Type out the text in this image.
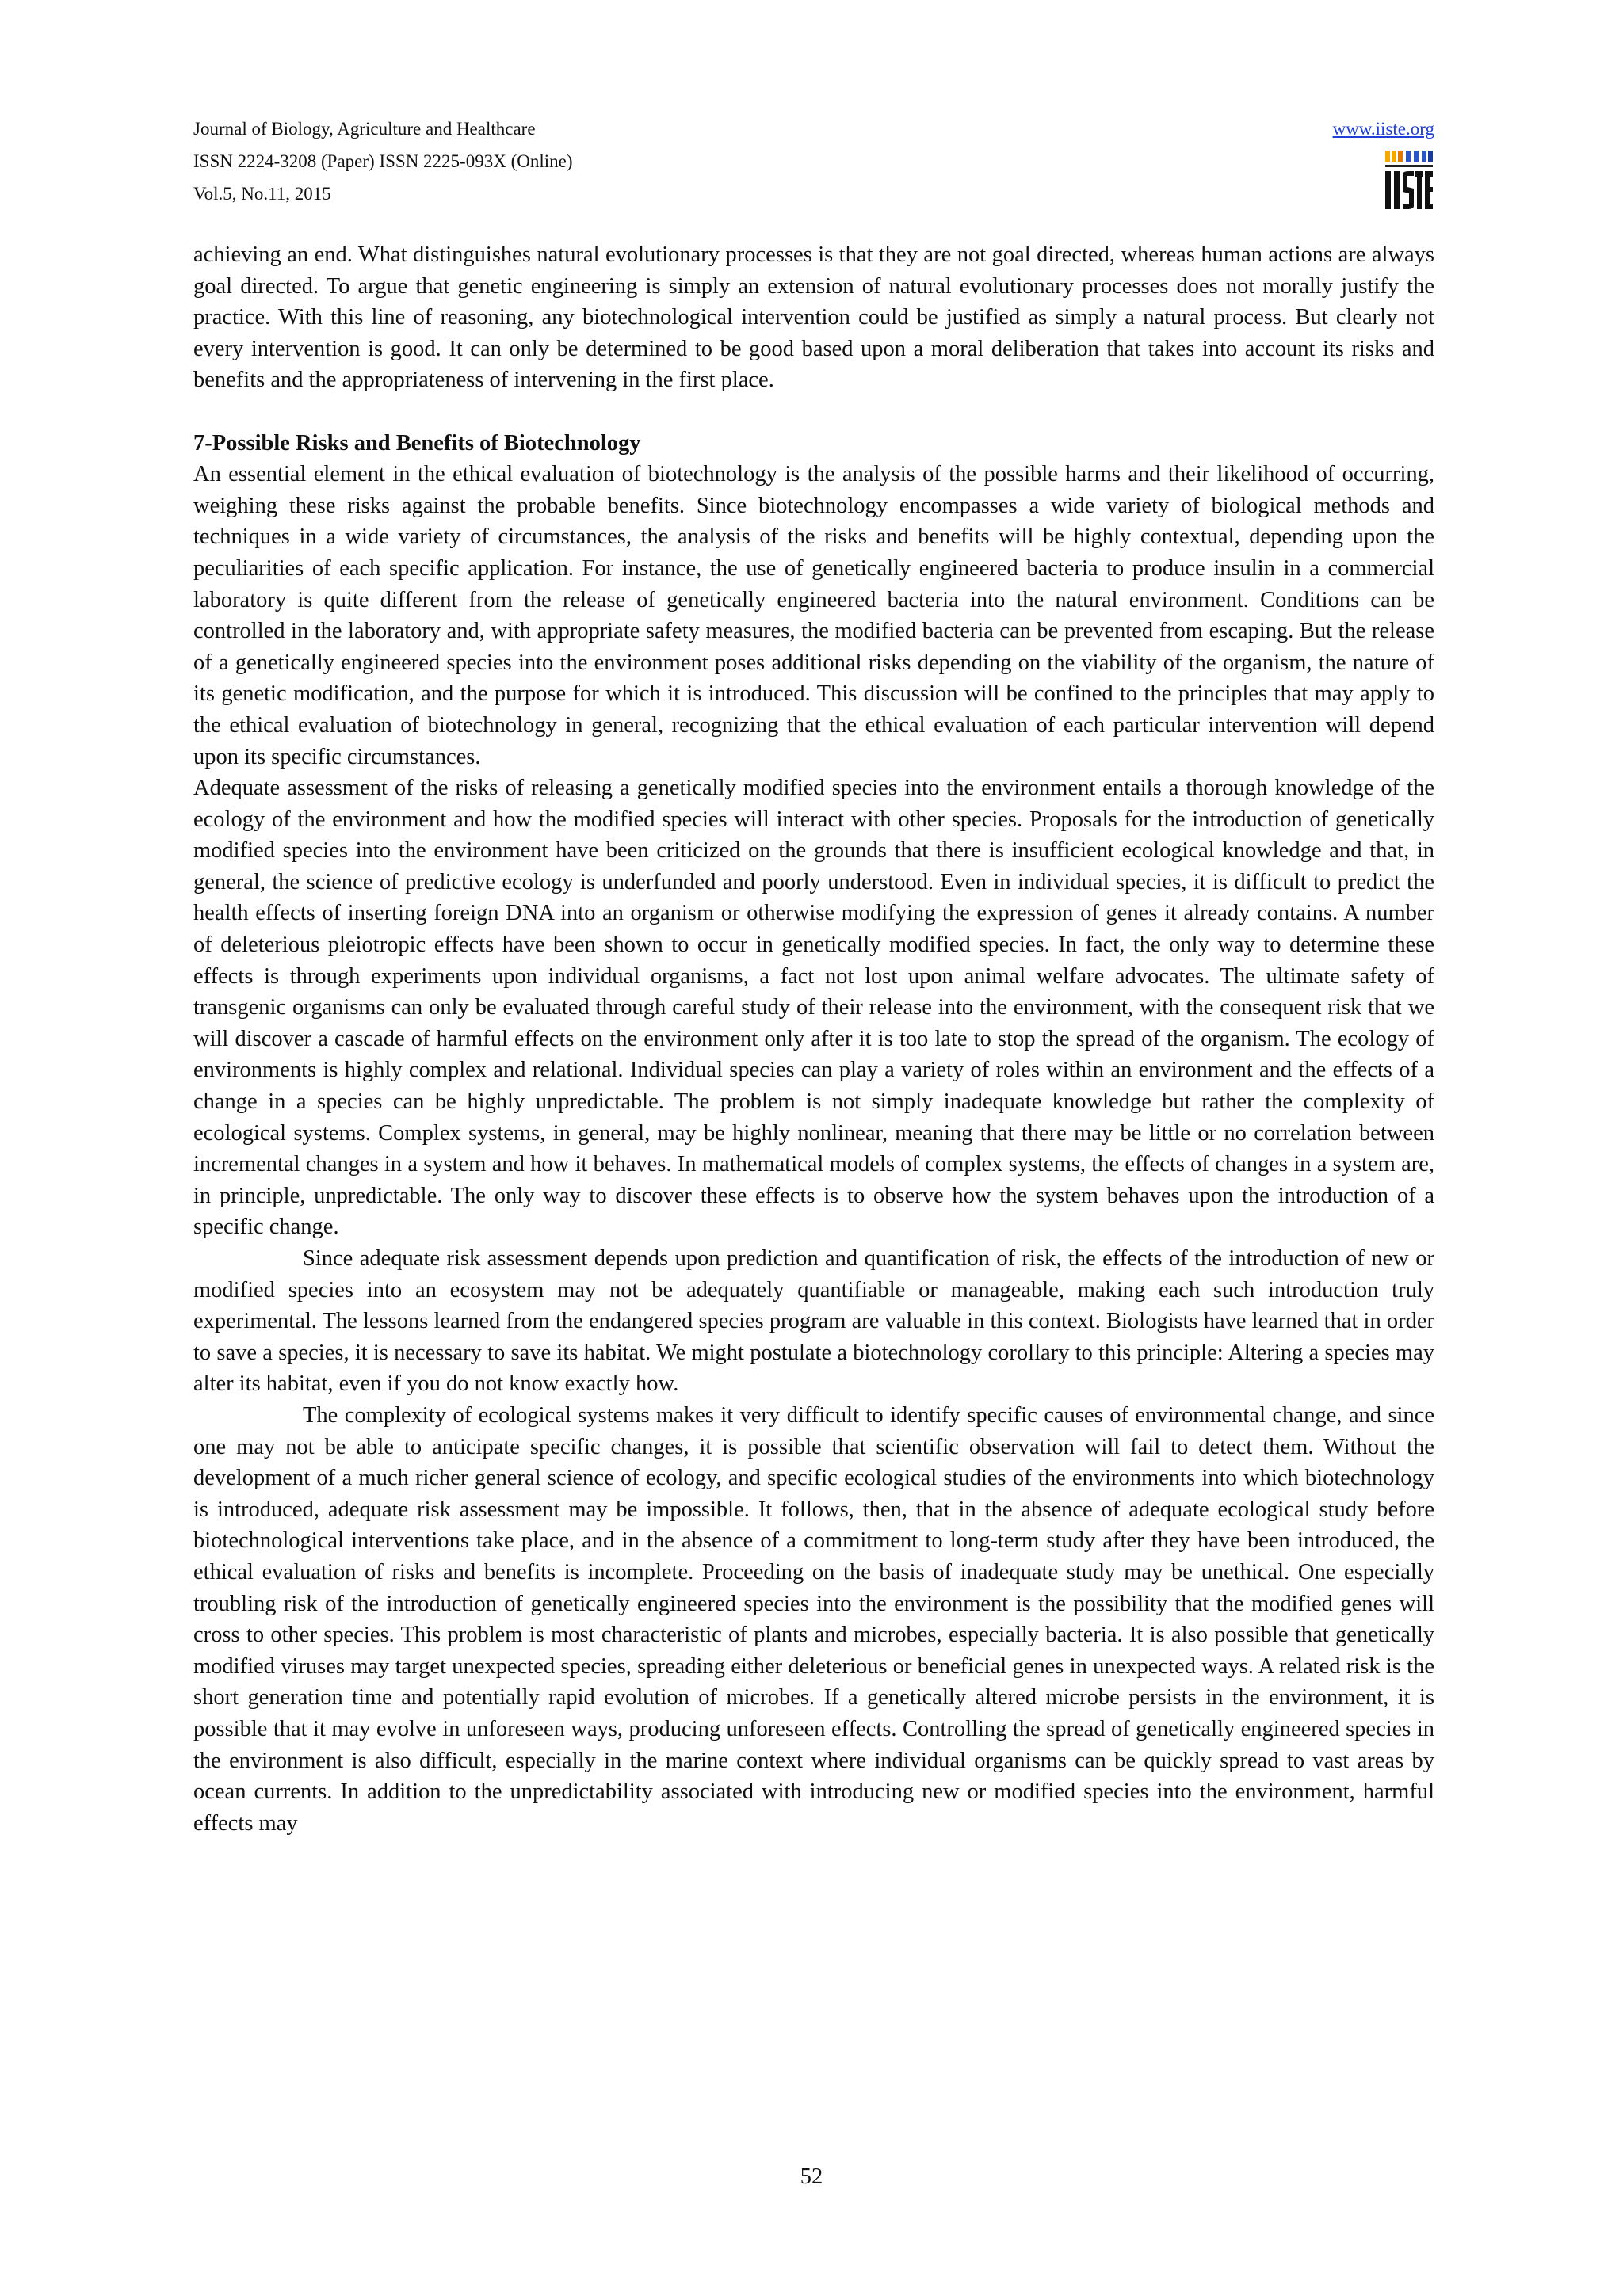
Journal of Biology, Agriculture and Healthcare
ISSN 2224-3208 (Paper) ISSN 2225-093X (Online)
Vol.5, No.11, 2015
www.iiste.org

achieving an end. What distinguishes natural evolutionary processes is that they are not goal directed, whereas human actions are always goal directed. To argue that genetic engineering is simply an extension of natural evolutionary processes does not morally justify the practice. With this line of reasoning, any biotechnological intervention could be justified as simply a natural process. But clearly not every intervention is good. It can only be determined to be good based upon a moral deliberation that takes into account its risks and benefits and the appropriateness of intervening in the first place.

7-Possible Risks and Benefits of Biotechnology

An essential element in the ethical evaluation of biotechnology is the analysis of the possible harms and their likelihood of occurring, weighing these risks against the probable benefits. Since biotechnology encompasses a wide variety of biological methods and techniques in a wide variety of circumstances, the analysis of the risks and benefits will be highly contextual, depending upon the peculiarities of each specific application. For instance, the use of genetically engineered bacteria to produce insulin in a commercial laboratory is quite different from the release of genetically engineered bacteria into the natural environment. Conditions can be controlled in the laboratory and, with appropriate safety measures, the modified bacteria can be prevented from escaping. But the release of a genetically engineered species into the environment poses additional risks depending on the viability of the organism, the nature of its genetic modification, and the purpose for which it is introduced. This discussion will be confined to the principles that may apply to the ethical evaluation of biotechnology in general, recognizing that the ethical evaluation of each particular intervention will depend upon its specific circumstances.

Adequate assessment of the risks of releasing a genetically modified species into the environment entails a thorough knowledge of the ecology of the environment and how the modified species will interact with other species. Proposals for the introduction of genetically modified species into the environment have been criticized on the grounds that there is insufficient ecological knowledge and that, in general, the science of predictive ecology is underfunded and poorly understood. Even in individual species, it is difficult to predict the health effects of inserting foreign DNA into an organism or otherwise modifying the expression of genes it already contains. A number of deleterious pleiotropic effects have been shown to occur in genetically modified species. In fact, the only way to determine these effects is through experiments upon individual organisms, a fact not lost upon animal welfare advocates. The ultimate safety of transgenic organisms can only be evaluated through careful study of their release into the environment, with the consequent risk that we will discover a cascade of harmful effects on the environment only after it is too late to stop the spread of the organism. The ecology of environments is highly complex and relational. Individual species can play a variety of roles within an environment and the effects of a change in a species can be highly unpredictable. The problem is not simply inadequate knowledge but rather the complexity of ecological systems. Complex systems, in general, may be highly nonlinear, meaning that there may be little or no correlation between incremental changes in a system and how it behaves. In mathematical models of complex systems, the effects of changes in a system are, in principle, unpredictable. The only way to discover these effects is to observe how the system behaves upon the introduction of a specific change.

Since adequate risk assessment depends upon prediction and quantification of risk, the effects of the introduction of new or modified species into an ecosystem may not be adequately quantifiable or manageable, making each such introduction truly experimental. The lessons learned from the endangered species program are valuable in this context. Biologists have learned that in order to save a species, it is necessary to save its habitat. We might postulate a biotechnology corollary to this principle: Altering a species may alter its habitat, even if you do not know exactly how.

The complexity of ecological systems makes it very difficult to identify specific causes of environmental change, and since one may not be able to anticipate specific changes, it is possible that scientific observation will fail to detect them. Without the development of a much richer general science of ecology, and specific ecological studies of the environments into which biotechnology is introduced, adequate risk assessment may be impossible. It follows, then, that in the absence of adequate ecological study before biotechnological interventions take place, and in the absence of a commitment to long-term study after they have been introduced, the ethical evaluation of risks and benefits is incomplete. Proceeding on the basis of inadequate study may be unethical. One especially troubling risk of the introduction of genetically engineered species into the environment is the possibility that the modified genes will cross to other species. This problem is most characteristic of plants and microbes, especially bacteria. It is also possible that genetically modified viruses may target unexpected species, spreading either deleterious or beneficial genes in unexpected ways. A related risk is the short generation time and potentially rapid evolution of microbes. If a genetically altered microbe persists in the environment, it is possible that it may evolve in unforeseen ways, producing unforeseen effects. Controlling the spread of genetically engineered species in the environment is also difficult, especially in the marine context where individual organisms can be quickly spread to vast areas by ocean currents. In addition to the unpredictability associated with introducing new or modified species into the environment, harmful effects may

52
